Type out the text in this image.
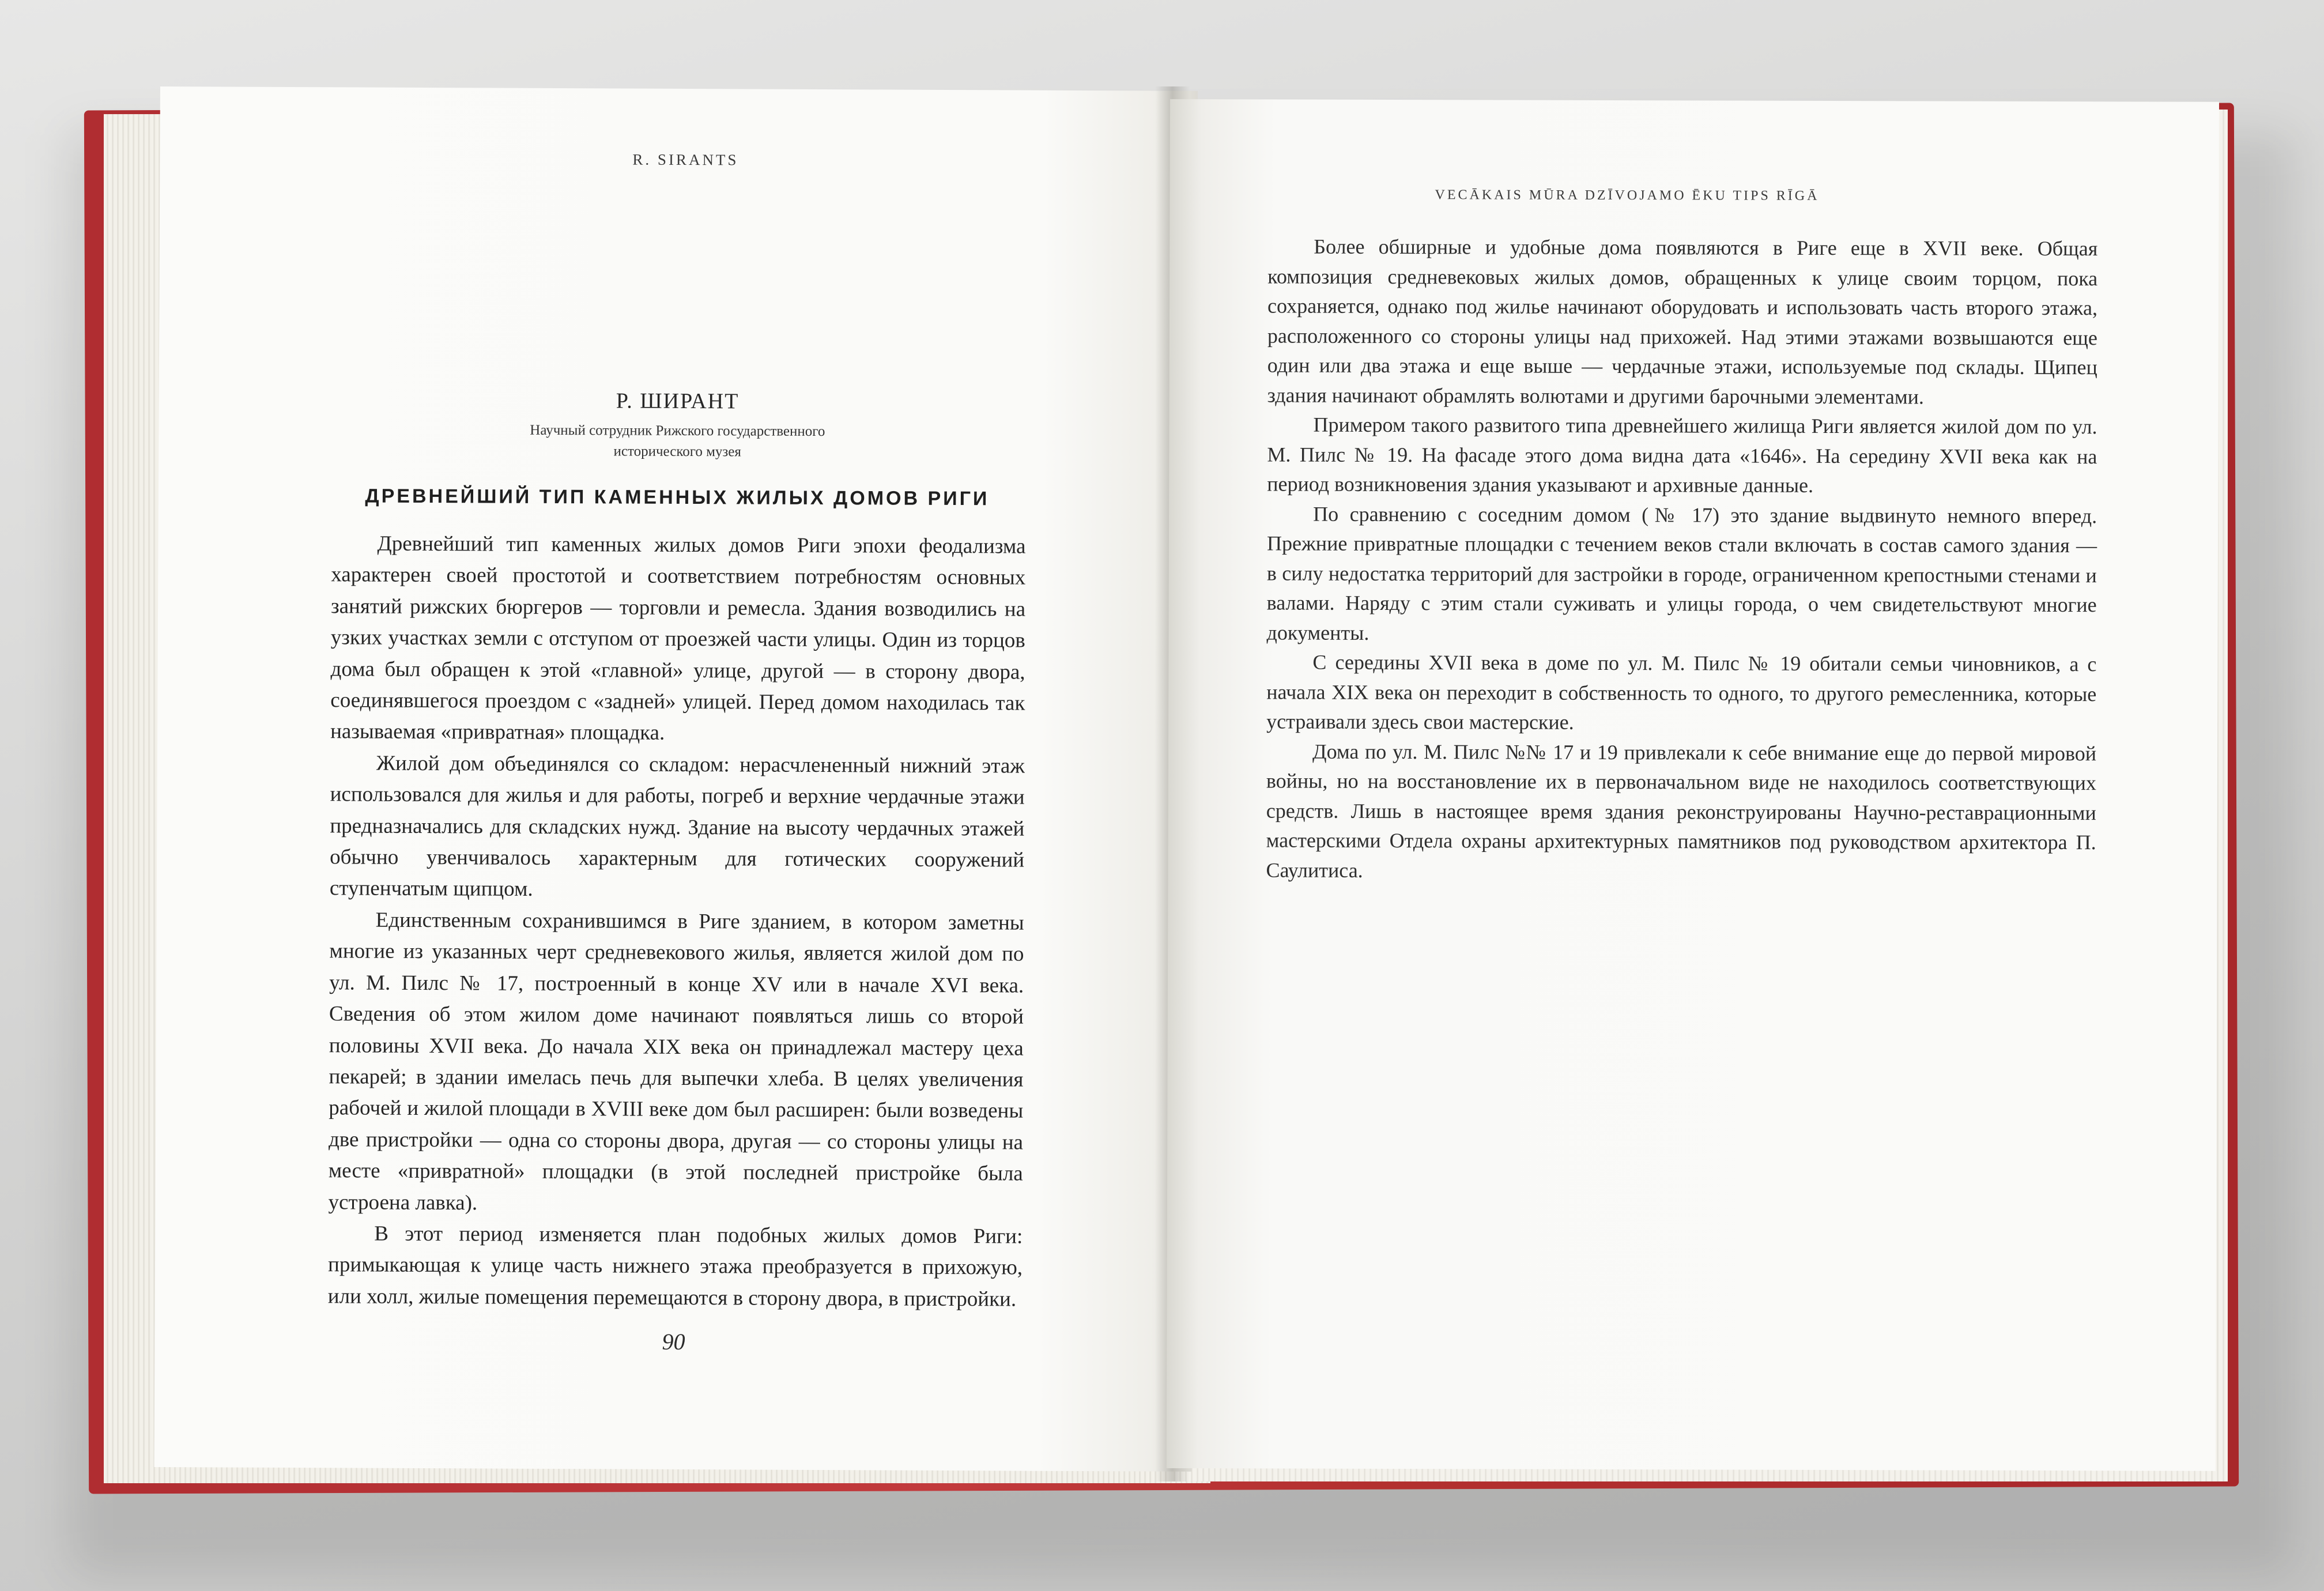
R. SIRANTS
Р. ШИРАНТ
Научный сотрудник Рижского государственного
исторического музея
ДРЕВНЕЙШИЙ ТИП КАМЕННЫХ ЖИЛЫХ ДОМОВ РИГИ

Древнейший тип каменных жилых домов Риги эпохи феодализма характерен своей простотой и соответствием потребностям основных занятий рижских бюргеров — торговли и ремесла. Здания возводились на узких участках земли с отступом от проезжей части улицы. Один из торцов дома был обращен к этой «главной» улице, другой — в сторону двора, соединявшегося проездом с «задней» улицей. Перед домом находилась так называемая «привратная» площадка.

Жилой дом объединялся со складом: нерасчлененный нижний этаж использовался для жилья и для работы, погреб и верхние чердачные этажи предназначались для складских нужд. Здание на высоту чердачных этажей обычно увенчивалось характерным для готических сооружений ступенчатым щипцом.

Единственным сохранившимся в Риге зданием, в котором заметны многие из указанных черт средневекового жилья, является жилой дом по ул. М. Пилс № 17, построенный в конце XV или в начале XVI века. Сведения об этом жилом доме начинают появляться лишь со второй половины XVII века. До начала XIX века он принадлежал мастеру цеха пекарей; в здании имелась печь для выпечки хлеба. В целях увеличения рабочей и жилой площади в XVIII веке дом был расширен: были возведены две пристройки — одна со стороны двора, другая — со стороны улицы на месте «привратной» площадки (в этой последней пристройке была устроена лавка).

В этот период изменяется план подобных жилых домов Риги: примыкающая к улице часть нижнего этажа преобразуется в прихожую, или холл, жилые помещения перемещаются в сторону двора, в пристройки.

90
VECĀKAIS MŪRA DZĪVOJAMO ĒKU TIPS RĪGĀ

Более обширные и удобные дома появляются в Риге еще в XVII веке. Общая композиция средневековых жилых домов, обращенных к улице своим торцом, пока сохраняется, однако под жилье начинают оборудовать и использовать часть второго этажа, расположенного со стороны улицы над прихожей. Над этими этажами возвышаются еще один или два этажа и еще выше — чердачные этажи, используемые под склады. Щипец здания начинают обрамлять волютами и другими барочными элементами.

Примером такого развитого типа древнейшего жилища Риги является жилой дом по ул. М. Пилс № 19. На фасаде этого дома видна дата «1646». На середину XVII века как на период возникновения здания указывают и архивные данные.

По сравнению с соседним домом (№ 17) это здание выдвинуто немного вперед. Прежние привратные площадки с течением веков стали включать в состав самого здания — в силу недостатка территорий для застройки в городе, ограниченном крепостными стенами и валами. Наряду с этим стали суживать и улицы города, о чем свидетельствуют многие документы.

С середины XVII века в доме по ул. М. Пилс № 19 обитали семьи чиновников, а с начала XIX века он переходит в собственность то одного, то другого ремесленника, которые устраивали здесь свои мастерские.

Дома по ул. М. Пилс №№ 17 и 19 привлекали к себе внимание еще до первой мировой войны, но на восстановление их в первоначальном виде не находилось соответствующих средств. Лишь в настоящее время здания реконструированы Научно-реставрационными мастерскими Отдела охраны архитектурных памятников под руководством архитектора П. Саулитиса.
